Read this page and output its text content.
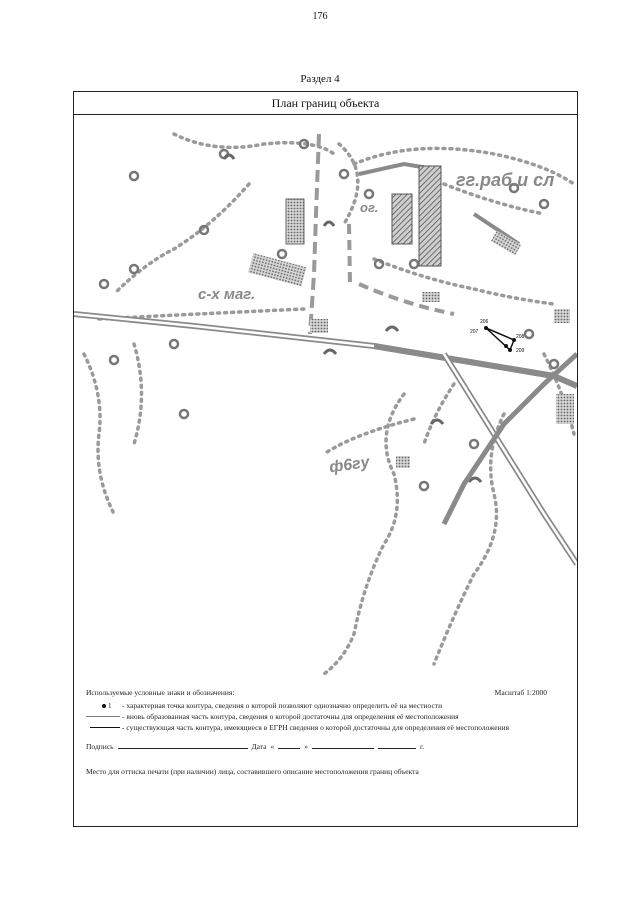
176
Раздел 4
План границ объекта
гг.раб.и сл
ог.
с-х маг.
ф6гу
206
207
208
209
Используемые условные знаки и обозначения:	Масштаб 1:2000
1 - характерная точка контура, сведения о которой позволяют однозначно определить её на местности
- вновь образованная часть контура, сведения о которой достаточны для определения её местоположения
- существующая часть контура, имеющиеся в ЕГРН сведения о которой достаточны для определения её местоположения
Подпись	Дата «	»	г.
Место для оттиска печати (при наличии) лица, составившего описание местоположения границ объекта
